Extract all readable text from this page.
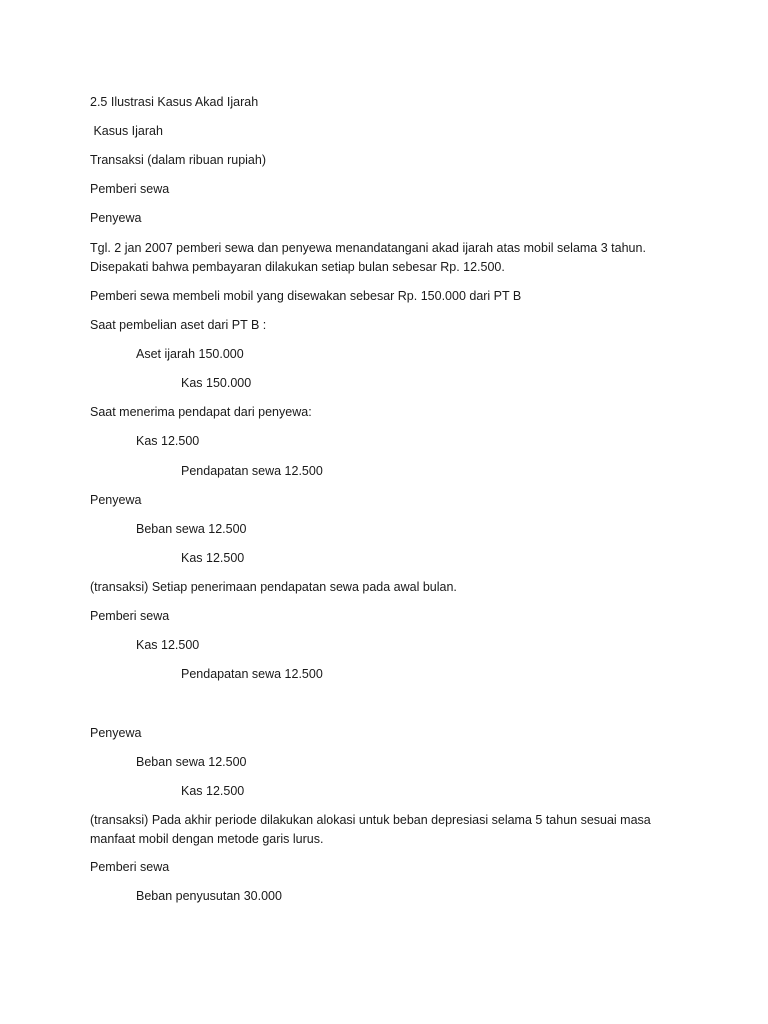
2.5 Ilustrasi Kasus Akad Ijarah
Kasus Ijarah
Transaksi (dalam ribuan rupiah)
Pemberi sewa
Penyewa
Tgl. 2 jan 2007 pemberi sewa dan penyewa menandatangani akad ijarah atas mobil selama 3 tahun.
Disepakati bahwa pembayaran dilakukan setiap bulan sebesar Rp. 12.500.
Pemberi sewa membeli mobil yang disewakan sebesar Rp. 150.000 dari PT B
Saat pembelian aset dari PT B :
Aset ijarah 150.000
Kas 150.000
Saat menerima pendapat dari penyewa:
Kas 12.500
Pendapatan sewa 12.500
Penyewa
Beban sewa 12.500
Kas 12.500
(transaksi) Setiap penerimaan pendapatan sewa pada awal bulan.
Pemberi sewa
Kas 12.500
Pendapatan sewa 12.500
Penyewa
Beban sewa 12.500
Kas 12.500
(transaksi) Pada akhir periode dilakukan alokasi untuk beban depresiasi selama 5 tahun sesuai masa
manfaat mobil dengan metode garis lurus.
Pemberi sewa
Beban penyusutan 30.000
